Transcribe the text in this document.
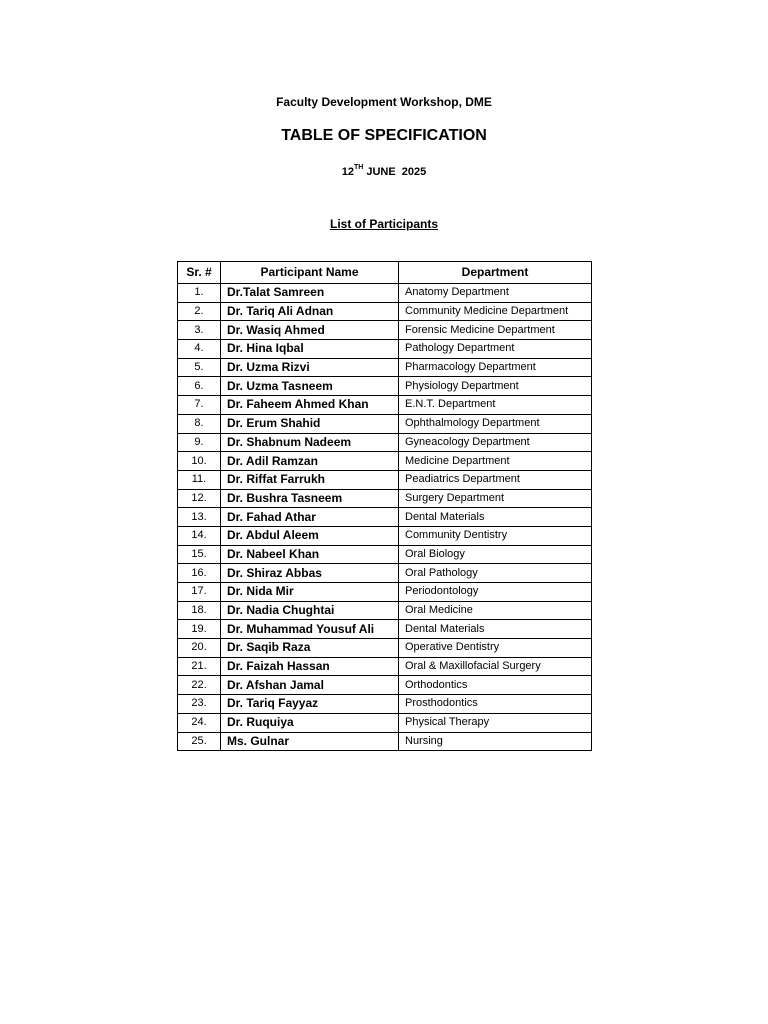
Faculty Development Workshop, DME
TABLE OF SPECIFICATION
12TH JUNE  2025
List of Participants
Sr. #	Participant Name	Department
1.	Dr.Talat Samreen	Anatomy Department
2.	Dr. Tariq Ali Adnan	Community Medicine Department
3.	Dr. Wasiq Ahmed	Forensic Medicine Department
4.	Dr. Hina Iqbal	Pathology Department
5.	Dr. Uzma Rizvi	Pharmacology Department
6.	Dr. Uzma Tasneem	Physiology Department
7.	Dr. Faheem Ahmed Khan	E.N.T. Department
8.	Dr. Erum Shahid	Ophthalmology Department
9.	Dr. Shabnum Nadeem	Gyneacology Department
10.	Dr. Adil Ramzan	Medicine Department
11.	Dr. Riffat Farrukh	Peadiatrics Department
12.	Dr. Bushra Tasneem	Surgery Department
13.	Dr. Fahad Athar	Dental Materials
14.	Dr. Abdul Aleem	Community Dentistry
15.	Dr. Nabeel Khan	Oral Biology
16.	Dr. Shiraz Abbas	Oral Pathology
17.	Dr. Nida Mir	Periodontology
18.	Dr. Nadia Chughtai	Oral Medicine
19.	Dr. Muhammad Yousuf Ali	Dental Materials
20.	Dr. Saqib Raza	Operative Dentistry
21.	Dr. Faizah Hassan	Oral & Maxillofacial Surgery
22.	Dr. Afshan Jamal	Orthodontics
23.	Dr. Tariq Fayyaz	Prosthodontics
24.	Dr. Ruquiya	Physical Therapy
25.	Ms. Gulnar	Nursing
